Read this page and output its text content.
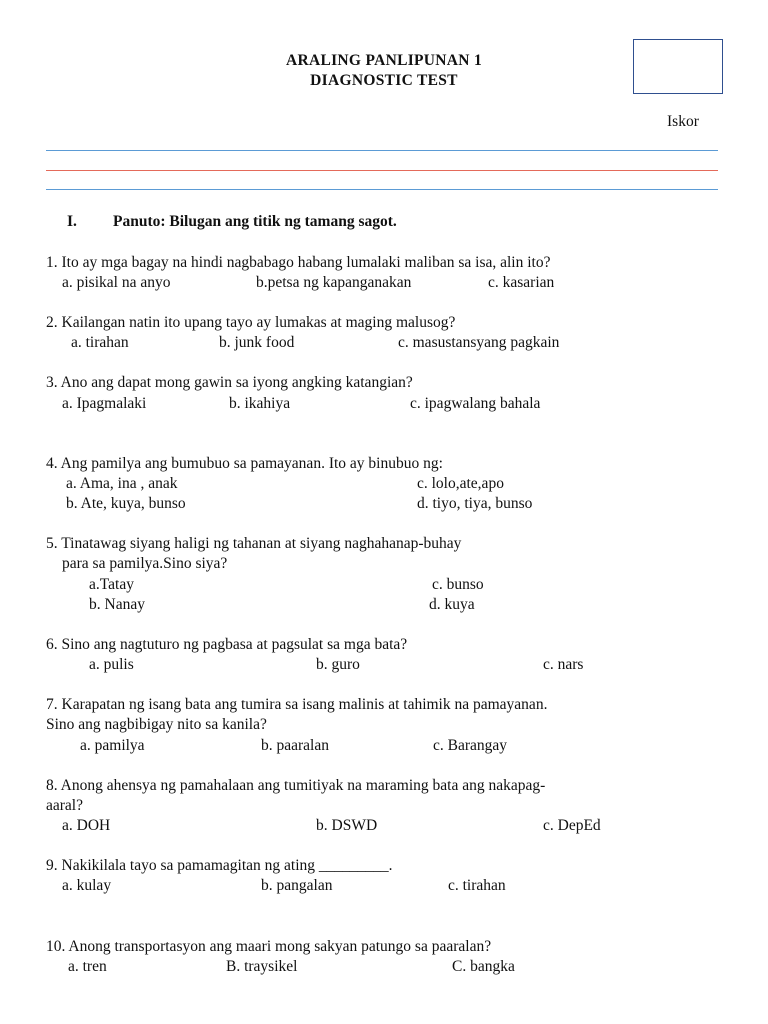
ARALING PANLIPUNAN 1
DIAGNOSTIC TEST
Iskor
I. Panuto: Bilugan ang titik ng tamang sagot.
1. Ito ay mga bagay na hindi nagbabago habang lumalaki maliban sa isa, alin ito?
a. pisikal na anyo	b.petsa ng kapanganakan	c. kasarian
2. Kailangan natin ito upang tayo ay lumakas at maging malusog?
a. tirahan	b. junk food	c. masustansyang pagkain
3. Ano ang dapat mong gawin sa iyong angking katangian?
a. Ipagmalaki	b. ikahiya	c. ipagwalang bahala
4. Ang pamilya ang bumubuo sa pamayanan. Ito ay binubuo ng:
a. Ama, ina , anak	c. lolo,ate,apo
b. Ate, kuya, bunso	d. tiyo, tiya, bunso
5. Tinatawag siyang haligi ng tahanan at siyang naghahanap-buhay
para sa pamilya.Sino siya?
a.Tatay	c. bunso
b. Nanay	d. kuya
6. Sino ang nagtuturo ng pagbasa at pagsulat sa mga bata?
a. pulis	b. guro	c. nars
7. Karapatan ng isang bata ang tumira sa isang malinis at tahimik na pamayanan.
Sino ang nagbibigay nito sa kanila?
a. pamilya	b. paaralan	c. Barangay
8. Anong ahensya ng pamahalaan ang tumitiyak na maraming bata ang nakapag-
aaral?
a. DOH	b. DSWD	c. DepEd
9. Nakikilala tayo sa pamamagitan ng ating _________.
a. kulay	b. pangalan	c. tirahan
10. Anong transportasyon ang maari mong sakyan patungo sa paaralan?
a. tren	B. traysikel	C. bangka
